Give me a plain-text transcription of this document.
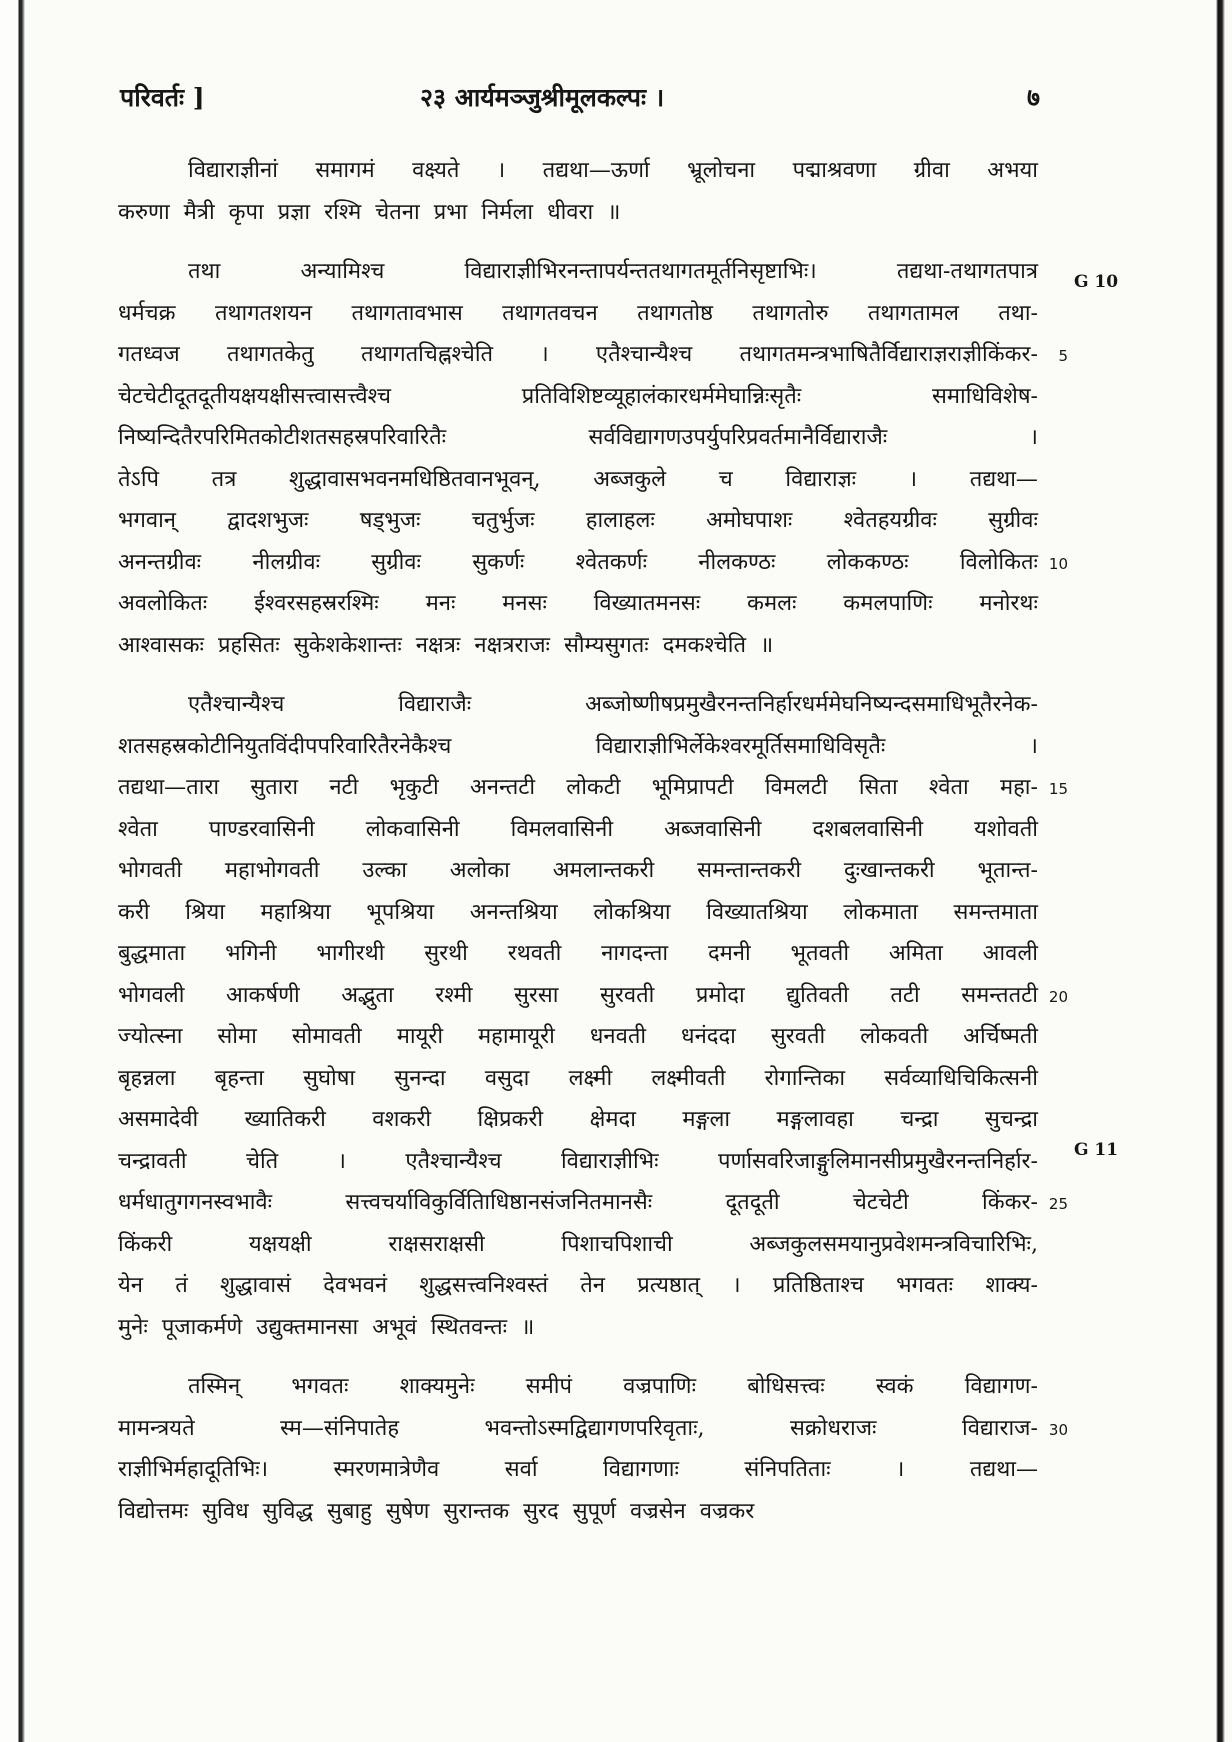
परिवर्तः ]	२३ आर्यमञ्जुश्रीमूलकल्पः ।	७
विद्याराज्ञीनां समागमं वक्ष्यते । तद्यथा—ऊर्णा भ्रूलोचना पद्माश्रवणा ग्रीवा अभया
करुणा मैत्री कृपा प्रज्ञा रश्मि चेतना प्रभा निर्मला धीवरा ॥
तथा	अन्यामिश्च	विद्याराज्ञीभिरनन्तापर्यन्ततथागतमूर्तनिसृष्टाभिः।	तद्यथा-तथागतपात्र
धर्मचक्र तथागतशयन तथागतावभास तथागतवचन तथागतोष्ठ तथागतोरु तथागतामल तथा-
गतध्वज तथागतकेतु तथागतचिह्नश्चेति । एतैश्चान्यैश्च तथागतमन्त्रभाषितैर्विद्याराज्ञराज्ञीकिंकर- 5
चेटचेटीदूतदूतीयक्षयक्षीसत्त्वासत्त्वैश्च	प्रतिविशिष्टव्यूहालंकारधर्ममेघान्निःसृतैः	समाधिविशेष-
निष्यन्दितैरपरिमितकोटीशतसहस्रपरिवारितैः	सर्वविद्यागणउपर्युपरिप्रवर्तमानैर्विद्याराजैः	।
तेऽपि तत्र शुद्धावासभवनमधिष्ठितवानभूवन्, अब्जकुले च विद्याराज्ञः । तद्यथा—
भगवान् द्वादशभुजः षड्भुजः चतुर्भुजः हालाहलः अमोघपाशः श्वेतहयग्रीवः सुग्रीवः
अनन्तग्रीवः नीलग्रीवः सुग्रीवः सुकर्णः श्वेतकर्णः नीलकण्ठः लोककण्ठः विलोकितः 10
अवलोकितः ईश्वरसहस्ररश्मिः मनः मनसः विख्यातमनसः कमलः कमलपाणिः मनोरथः
आश्वासकः प्रहसितः सुकेशकेशान्तः नक्षत्रः नक्षत्रराजः सौम्यसुगतः दमकश्चेति ॥
एतैश्चान्यैश्च	विद्याराजैः	अब्जोष्णीषप्रमुखैरनन्तनिर्हारधर्ममेघनिष्यन्दसमाधिभूतैरनेक-
शतसहस्रकोटीनियुतविंदीपपरिवारितैरनेकैश्च	विद्याराज्ञीभिर्लेकेश्वरमूर्तिसमाधिविसृतैः	।
तद्यथा—तारा सुतारा नटी भृकुटी अनन्तटी लोकटी भूमिप्रापटी विमलटी सिता श्वेता महा- 15
श्वेता पाण्डरवासिनी लोकवासिनी विमलवासिनी अब्जवासिनी दशबलवासिनी यशोवती
भोगवती महाभोगवती उल्का अलोका अमलान्तकरी समन्तान्तकरी दुःखान्तकरी भूतान्त-
करी श्रिया महाश्रिया भूपश्रिया अनन्तश्रिया लोकश्रिया विख्यातश्रिया लोकमाता समन्तमाता
बुद्धमाता भगिनी भागीरथी सुरथी रथवती नागदन्ता दमनी भूतवती अमिता आवली
भोगवली आकर्षणी अद्भुता रश्मी सुरसा सुरवती प्रमोदा द्युतिवती तटी समन्ततटी 20
ज्योत्स्ना सोमा सोमावती मायूरी महामायूरी धनवती धनंददा सुरवती लोकवती अर्चिष्मती
बृहन्नला बृहन्ता सुघोषा सुनन्दा वसुदा लक्ष्मी लक्ष्मीवती रोगान्तिका सर्वव्याधिचिकित्सनी
असमादेवी ख्यातिकरी वशकरी क्षिप्रकरी क्षेमदा मङ्गला मङ्गलावहा चन्द्रा सुचन्द्रा
चन्द्रावती	चेति	।	एतैश्चान्यैश्च	विद्याराज्ञीभिः	पर्णासवरिजाङ्गुलिमानसीप्रमुखैरनन्तनिर्हार-
धर्मधातुगगनस्वभावैः	सत्त्वचर्याविकुर्वितािधिष्ठानसंजनितमानसैः	दूतदूती	चेटचेटी	किंकर- 25
किंकरी	यक्षयक्षी	राक्षसराक्षसी	पिशाचपिशाची	अब्जकुलसमयानुप्रवेशमन्त्रविचारिभिः,
येन तं शुद्धावासं देवभवनं शुद्धसत्त्वनिश्वस्तं तेन प्रत्यष्ठात् । प्रतिष्ठिताश्च भगवतः शाक्य-
मुनेः पूजाकर्मणे उद्युक्तमानसा अभूवं स्थितवन्तः ॥
तस्मिन् भगवतः शाक्यमुनेः समीपं वज्रपाणिः बोधिसत्त्वः स्वकं विद्यागण-
मामन्त्रयते	स्म—संनिपातेह	भवन्तोऽस्मद्विद्यागणपरिवृताः,	सक्रोधराजः	विद्याराज- 30
राज्ञीभिर्महादूतिभिः।	स्मरणमात्रेणैव	सर्वा	विद्यागणाः	संनिपतिताः	।	तद्यथा—
विद्योत्तमः सुविध सुविद्ध सुबाहु सुषेण सुरान्तक सुरद सुपूर्ण वज्रसेन वज्रकर
G 10
G 11
